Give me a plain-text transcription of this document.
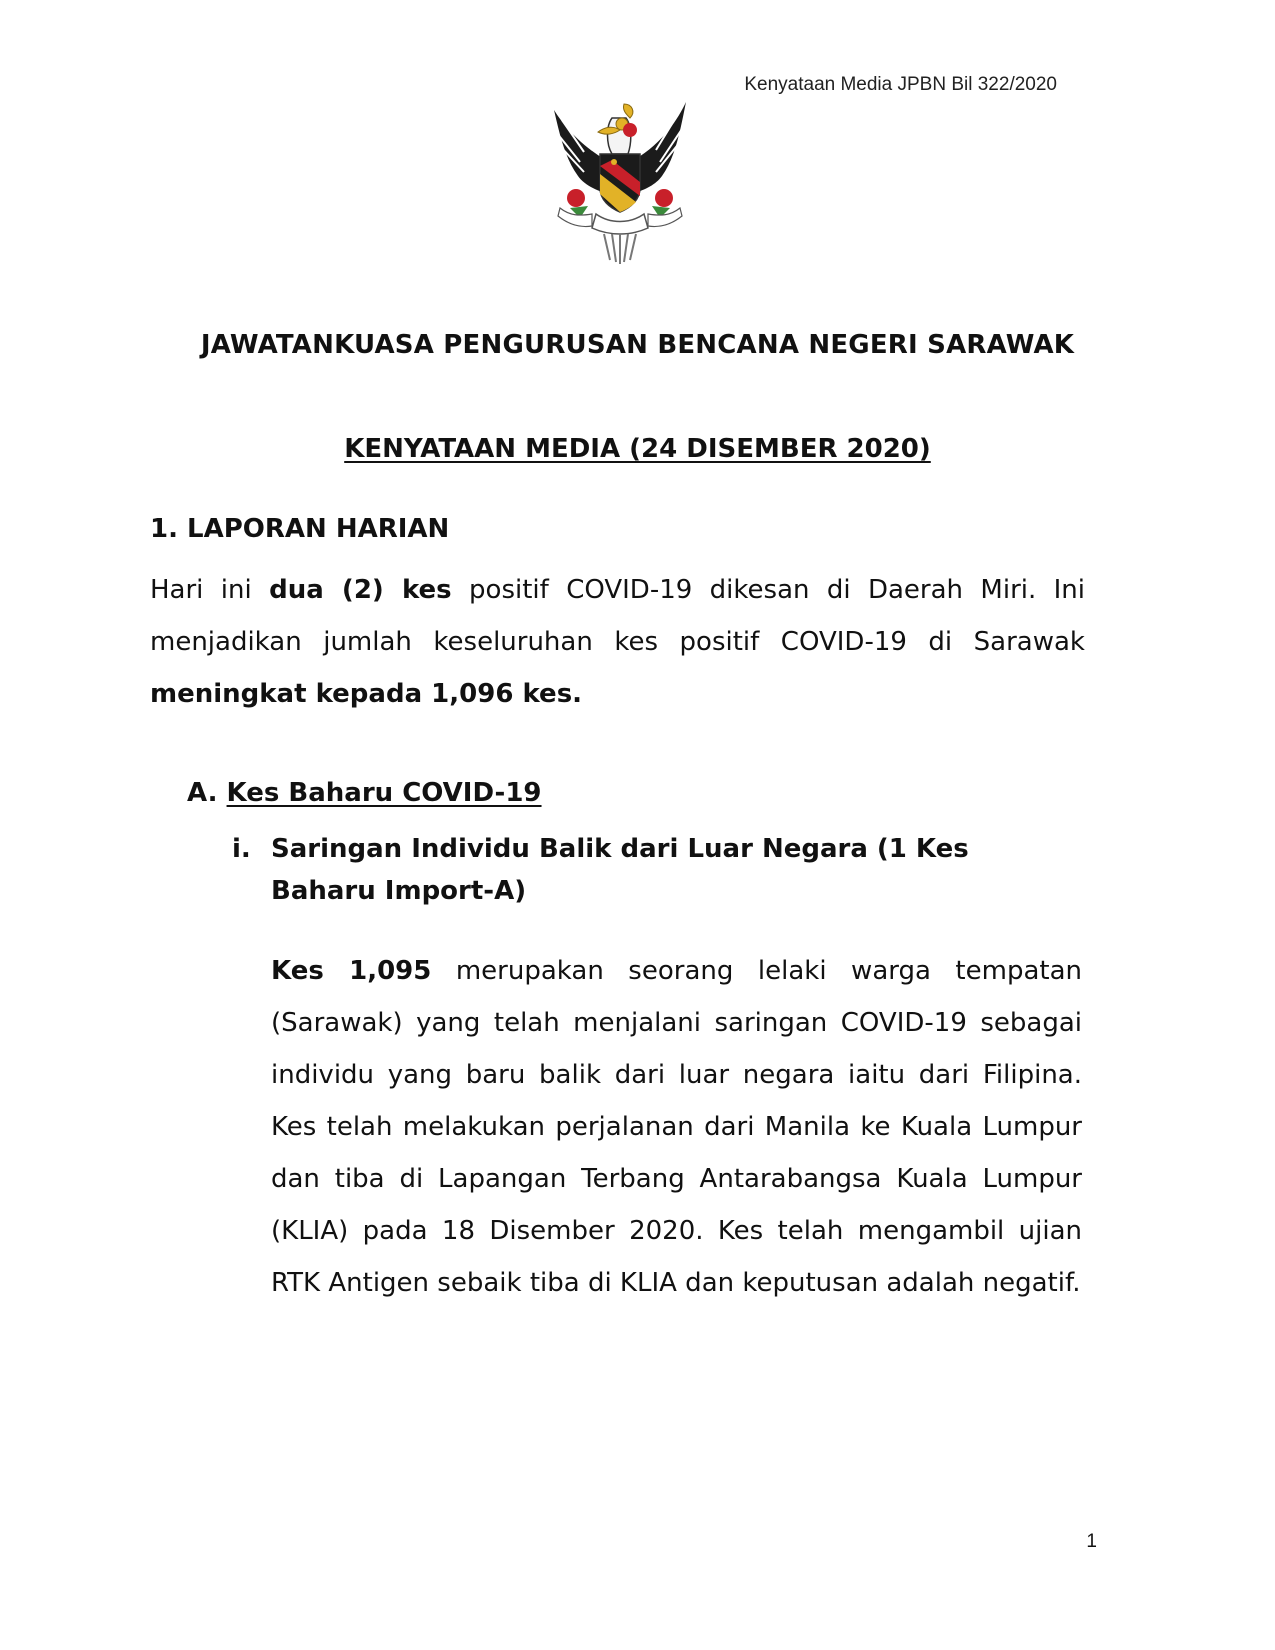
Kenyataan Media JPBN Bil 322/2020
JAWATANKUASA PENGURUSAN BENCANA NEGERI SARAWAK
KENYATAAN MEDIA (24 DISEMBER 2020)
1. LAPORAN HARIAN
Hari ini dua (2) kes positif COVID-19 dikesan di Daerah Miri. Ini menjadikan jumlah keseluruhan kes positif COVID-19 di Sarawak meningkat kepada 1,096 kes.
A. Kes Baharu COVID-19
i. Saringan Individu Balik dari Luar Negara (1 Kes Baharu Import-A)
Kes 1,095 merupakan seorang lelaki warga tempatan (Sarawak) yang telah menjalani saringan COVID-19 sebagai individu yang baru balik dari luar negara iaitu dari Filipina. Kes telah melakukan perjalanan dari Manila ke Kuala Lumpur dan tiba di Lapangan Terbang Antarabangsa Kuala Lumpur (KLIA) pada 18 Disember 2020. Kes telah mengambil ujian RTK Antigen sebaik tiba di KLIA dan keputusan adalah negatif.
1
